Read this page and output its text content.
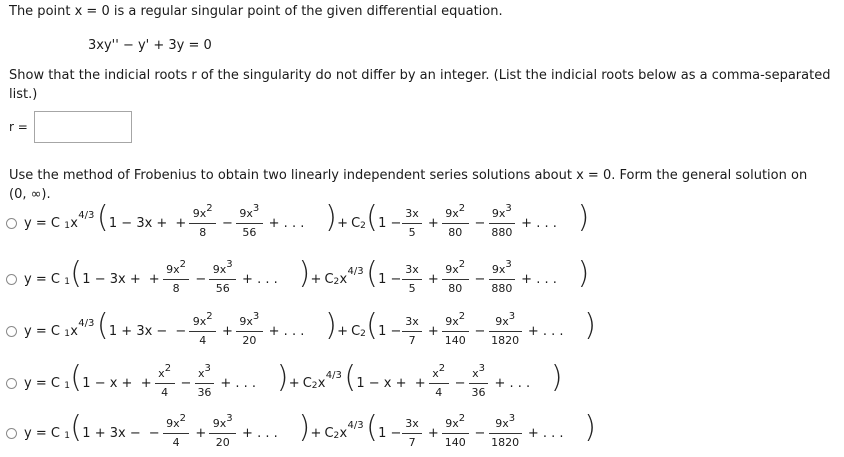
The point x = 0 is a regular singular point of the given differential equation.
3xy'' − y' + 3y = 0
Show that the indicial roots r of the singularity do not differ by an integer. (List the indicial roots below as a comma-separated
list.)
r =
Use the method of Frobenius to obtain two linearly independent series solutions about x = 0. Form the general solution on
(0, ∞).
y = C 1 x
4/3 ( 1 − 3x + +
9x2
8
−
9x3
56
+ . . . ) + C 2 ( 1 −
3x
5
+
9x2
80
−
9x3
880
+ . . . )
y = C 1 ( 1 − 3x + +
9x2
8
−
9x3
56
+ . . . ) + C 2 x
4/3 ( 1 −
3x
5
+
9x2
80
−
9x3
880
+ . . . )
y = C 1 x
4/3 ( 1 + 3x − −
9x2
4
+
9x3
20
+ . . . ) + C 2 ( 1 −
3x
7
+
9x2
140
−
9x3
1820
+ . . . )
y = C 1 ( 1 − x + +
x2
4
−
x3
36
+ . . . ) + C 2 x
4/3 ( 1 − x + +
x2
4
−
x3
36
+ . . . )
y = C 1 ( 1 + 3x − −
9x2
4
+
9x3
20
+ . . . ) + C 2 x
4/3 ( 1 −
3x
7
+
9x2
140
−
9x3
1820
+ . . . )
